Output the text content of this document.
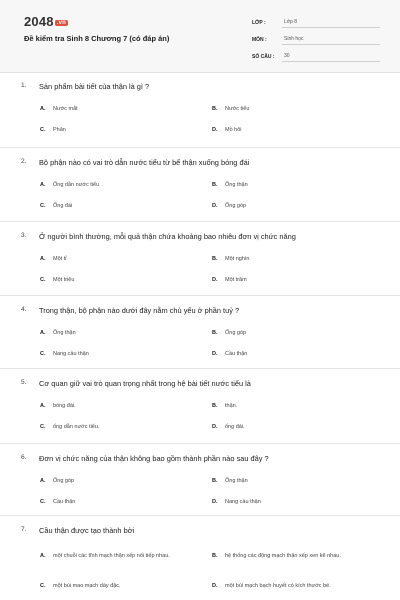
2048 .vn
Đề kiểm tra Sinh 8 Chương 7 (có đáp án)
LỚP :	Lớp 8
MÔN :	Sinh học
SỐ CÂU :	30
1.	Sản phẩm bài tiết của thận là gì ?
A.	Nước mắt	B.	Nước tiểu
C.	Phân	D.	Mồ hôi
2.	Bộ phận nào có vai trò dẫn nước tiểu từ bể thận xuống bóng đái
A.	Ống dẫn nước tiểu	B.	Ống thận
C.	Ống đái	D.	Ống góp
3.	Ở người bình thường, mỗi quả thận chứa khoảng bao nhiêu đơn vị chức năng
A.	Một tỉ	B.	Một nghìn
C.	Một triệu	D.	Một trăm
4.	Trong thận, bộ phận nào dưới đây nằm chủ yếu ở phần tuỷ ?
A.	Ống thận	B.	Ống góp
C.	Nang cầu thận	D.	Cầu thận
5.	Cơ quan giữ vai trò quan trọng nhất trong hệ bài tiết nước tiểu là
A.	bóng đái.	B.	thận.
C.	ống dẫn nước tiểu.	D.	ống đái.
6.	Đơn vị chức năng của thận không bao gồm thành phần nào sau đây ?
A.	Ống góp	B.	Ống thận
C.	Cầu thận	D.	Nang cầu thận
7.	Cầu thận được tạo thành bởi
A.	một chuỗi các tĩnh mạch thận xếp nối tiếp nhau.	B.	hệ thống các động mạch thận xếp xen kẽ nhau.
C.	một búi mao mạch dày đặc.	D.	một búi mạch bạch huyết có kích thước bé.
